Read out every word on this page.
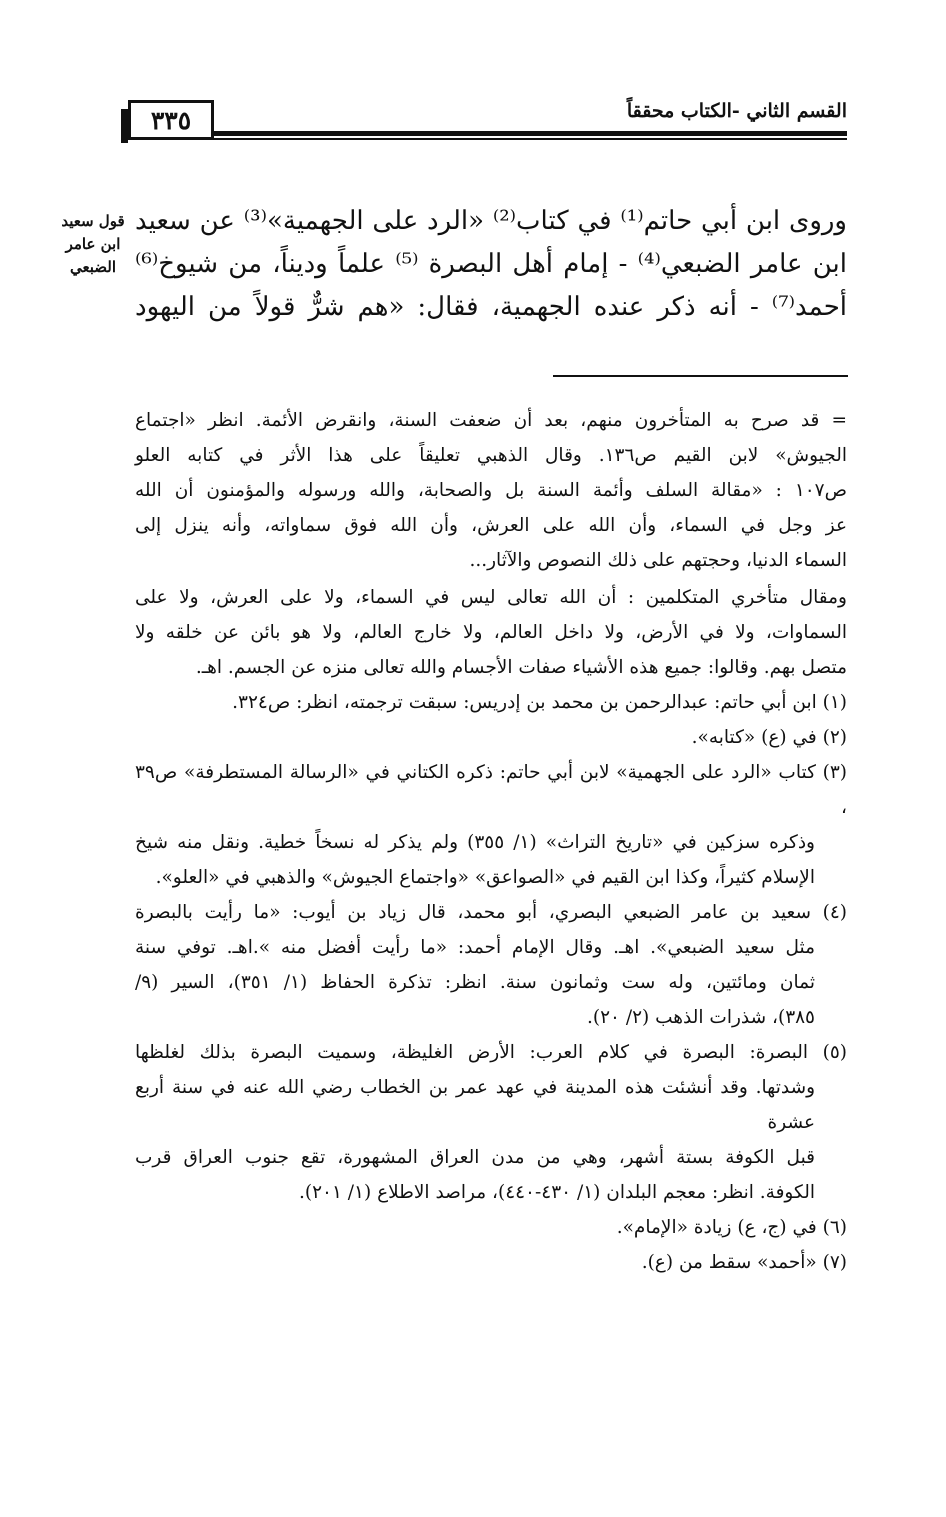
٣٣٥	القسم الثاني -الكتاب محققاً
قول سعيد
ابن عامر
الضبعي
وروى ابن أبي حاتم⁽¹⁾ في كتاب⁽²⁾ «الرد على الجهمية»⁽³⁾ عن سعيد
ابن عامر الضبعي⁽⁴⁾ - إمام أهل البصرة ⁽⁵⁾ علماً وديناً، من شيوخ⁽⁶⁾
أحمد⁽⁷⁾ - أنه ذكر عنده الجهمية، فقال: «هم شرٌّ قولاً من اليهود
= قد صرح به المتأخرون منهم، بعد أن ضعفت السنة، وانقرض الأئمة. انظر «اجتماع
الجيوش» لابن القيم ص١٣٦. وقال الذهبي تعليقاً على هذا الأثر في كتابه العلو
ص١٠٧ : «مقالة السلف وأئمة السنة بل والصحابة، والله ورسوله والمؤمنون أن الله
عز وجل في السماء، وأن الله على العرش، وأن الله فوق سماواته، وأنه ينزل إلى
السماء الدنيا، وحجتهم على ذلك النصوص والآثار...
ومقال متأخري المتكلمين : أن الله تعالى ليس في السماء، ولا على العرش، ولا على
السماوات، ولا في الأرض، ولا داخل العالم، ولا خارج العالم، ولا هو بائن عن خلقه ولا
متصل بهم. وقالوا: جميع هذه الأشياء صفات الأجسام والله تعالى منزه عن الجسم. اهـ.
(١) ابن أبي حاتم: عبدالرحمن بن محمد بن إدريس: سبقت ترجمته، انظر: ص٣٢٤.
(٢) في (ع) «كتابه».
(٣) كتاب «الرد على الجهمية» لابن أبي حاتم: ذكره الكتاني في «الرسالة المستطرفة» ص٣٩ ،
وذكره سزكين في «تاريخ التراث» (١/ ٣٥٥) ولم يذكر له نسخاً خطية. ونقل منه شيخ
الإسلام كثيراً، وكذا ابن القيم في «الصواعق» «واجتماع الجيوش» والذهبي في «العلو».
(٤) سعيد بن عامر الضبعي البصري، أبو محمد، قال زياد بن أيوب: «ما رأيت بالبصرة
مثل سعيد الضبعي». اهـ. وقال الإمام أحمد: «ما رأيت أفضل منه ».اهـ. توفي سنة
ثمان ومائتين، وله ست وثمانون سنة. انظر: تذكرة الحفاظ (١/ ٣٥١)، السير (٩/
٣٨٥)، شذرات الذهب (٢/ ٢٠).
(٥) البصرة: البصرة في كلام العرب: الأرض الغليظة، وسميت البصرة بذلك لغلظها
وشدتها. وقد أنشئت هذه المدينة في عهد عمر بن الخطاب رضي الله عنه في سنة أربع عشرة
قبل الكوفة بستة أشهر، وهي من مدن العراق المشهورة، تقع جنوب العراق قرب
الكوفة. انظر: معجم البلدان (١/ ٤٣٠-٤٤٠)، مراصد الاطلاع (١/ ٢٠١).
(٦) في (ج، ع) زيادة «الإمام».
(٧) «أحمد» سقط من (ع).
